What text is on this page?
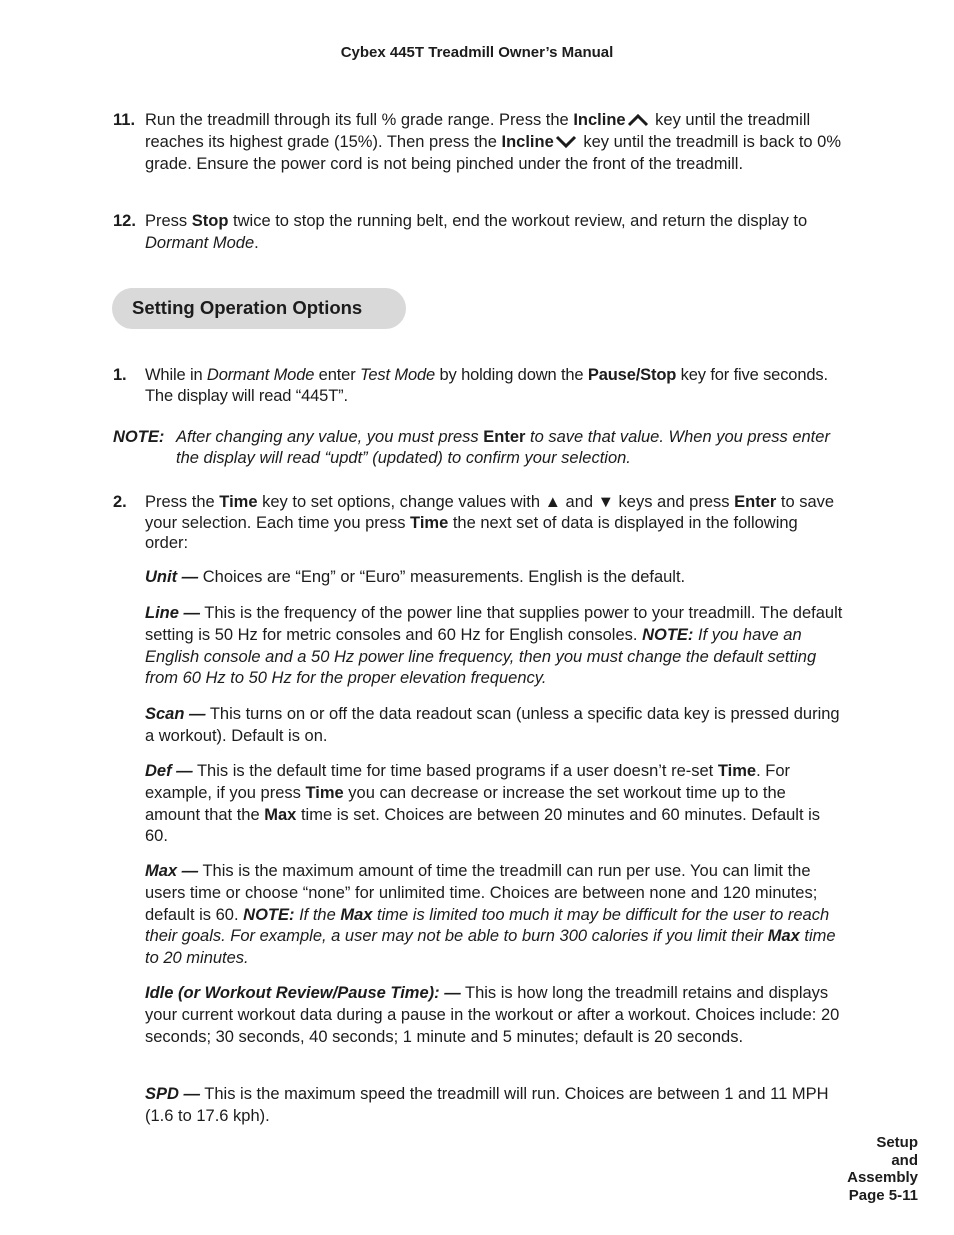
Cybex 445T Treadmill Owner’s Manual
11. Run the treadmill through its full % grade range. Press the Incline key until the treadmill reaches its highest grade (15%). Then press the Incline key until the treadmill is back to 0% grade. Ensure the power cord is not being pinched under the front of the treadmill.
12. Press Stop twice to stop the running belt, end the workout review, and return the display to Dormant Mode.
Setting Operation Options
1. While in Dormant Mode enter Test Mode by holding down the Pause/Stop key for five seconds. The display will read “445T”.
NOTE: After changing any value, you must press Enter to save that value. When you press enter the display will read “updt” (updated) to confirm your selection.
2. Press the Time key to set options, change values with ▲ and ▼ keys and press Enter to save your selection. Each time you press Time the next set of data is displayed in the following order:
Unit — Choices are “Eng” or “Euro” measurements. English is the default.
Line — This is the frequency of the power line that supplies power to your treadmill. The default setting is 50 Hz for metric consoles and 60 Hz for English consoles. NOTE: If you have an English console and a 50 Hz power line frequency, then you must change the default setting from 60 Hz to 50 Hz for the proper elevation frequency.
Scan — This turns on or off the data readout scan (unless a specific data key is pressed during a workout). Default is on.
Def — This is the default time for time based programs if a user doesn’t re-set Time. For example, if you press Time you can decrease or increase the set workout time up to the amount that the Max time is set. Choices are between 20 minutes and 60 minutes. Default is 60.
Max — This is the maximum amount of time the treadmill can run per use. You can limit the users time or choose “none” for unlimited time. Choices are between none and 120 minutes; default is 60. NOTE: If the Max time is limited too much it may be difficult for the user to reach their goals. For example, a user may not be able to burn 300 calories if you limit their Max time to 20 minutes.
Idle (or Workout Review/Pause Time): — This is how long the treadmill retains and displays your current workout data during a pause in the workout or after a workout. Choices include: 20 seconds; 30 seconds, 40 seconds; 1 minute and 5 minutes; default is 20 seconds.
SPD — This is the maximum speed the treadmill will run. Choices are between 1 and 11 MPH (1.6 to 17.6 kph).
Setup
and
Assembly
Page 5-11
